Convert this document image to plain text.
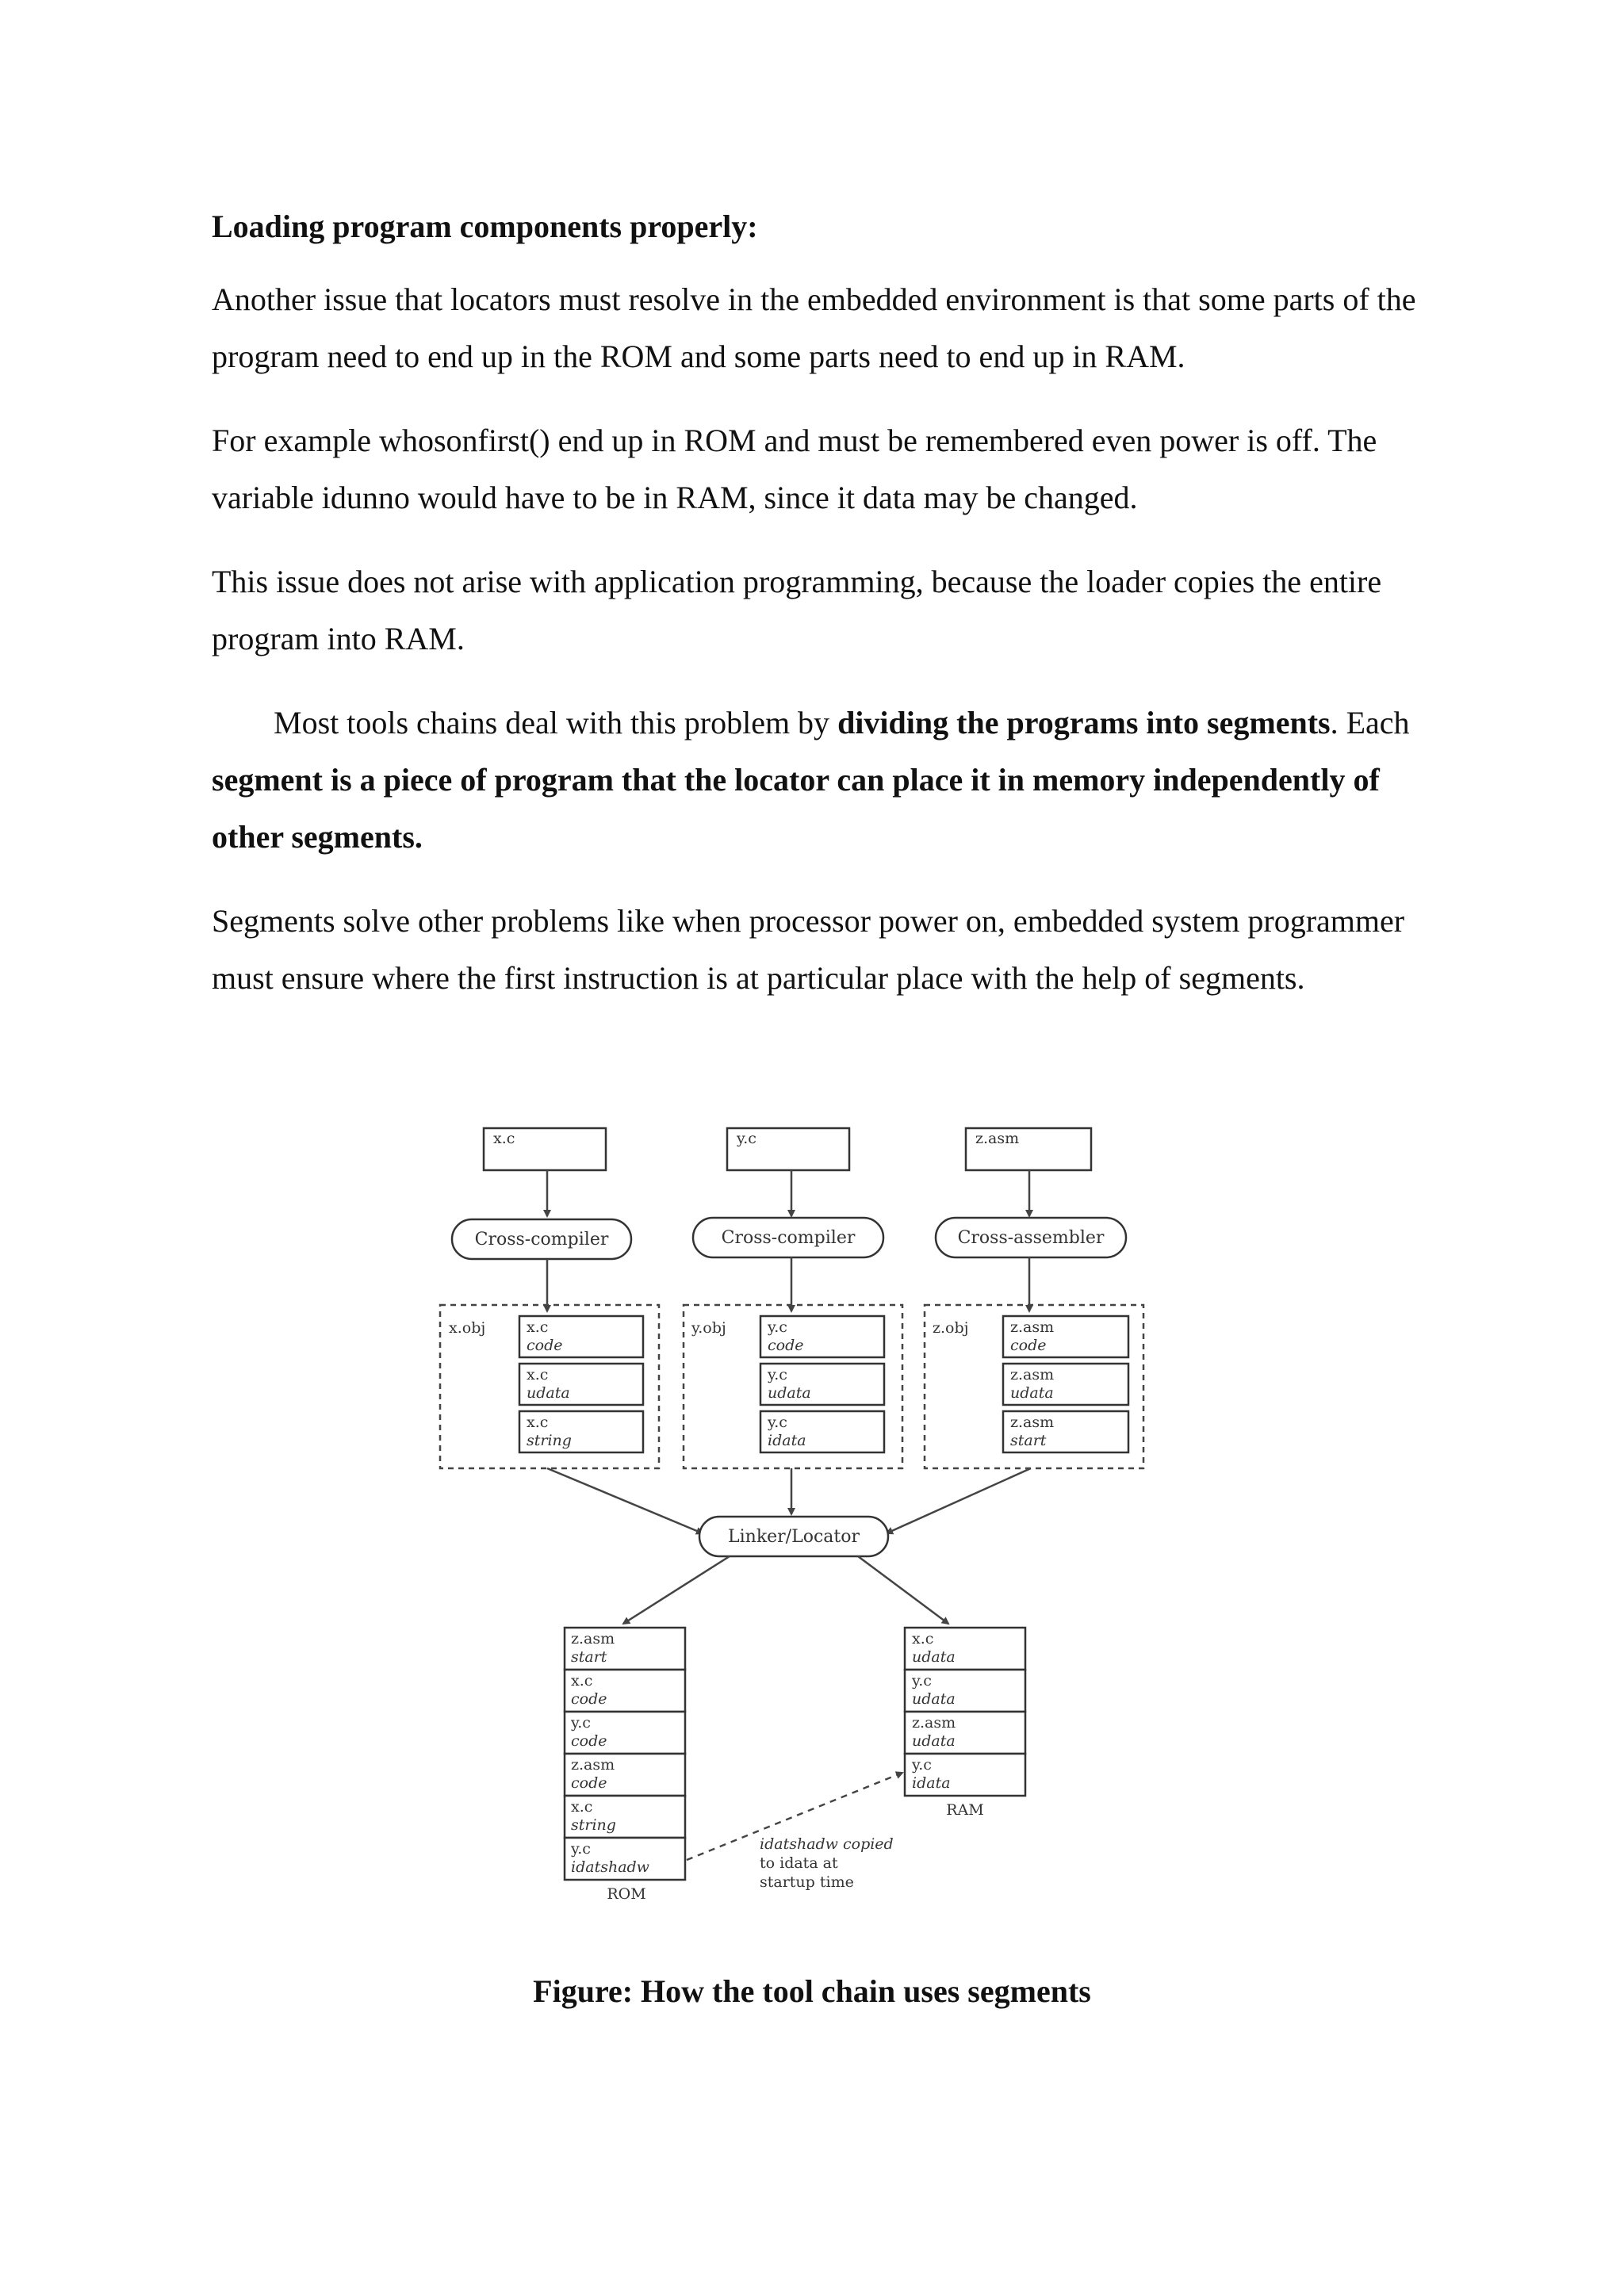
Loading program components properly:

Another issue that locators must resolve in the embedded environment is that some parts of the program need to end up in the ROM and some parts need to end up in RAM.

For example whosonfirst() end up in ROM and must be remembered even power is off. The variable idunno would have to be in RAM, since it data may be changed.

This issue does not arise with application programming, because the loader copies the entire program into RAM.

Most tools chains deal with this problem by dividing the programs into segments. Each segment is a piece of program that the locator can place it in memory independently of other segments.

Segments solve other problems like when processor power on, embedded system programmer must ensure where the first instruction is at particular place with the help of segments.

x.c	y.c	z.asm
Cross-compiler	Cross-compiler	Cross-assembler
x.obj	x.c
code
x.c
udata
x.c
string
y.obj	y.c
code
y.c
udata
y.c
idata
z.obj	z.asm
code
z.asm
udata
z.asm
start
Linker/Locator
z.asm
start
x.c
code
y.c
code
z.asm
code
x.c
string
y.c
idatshadw
ROM
x.c
udata
y.c
udata
z.asm
udata
y.c
idata
RAM
idatshadw copied
to idata at
startup time
Figure: How the tool chain uses segments
